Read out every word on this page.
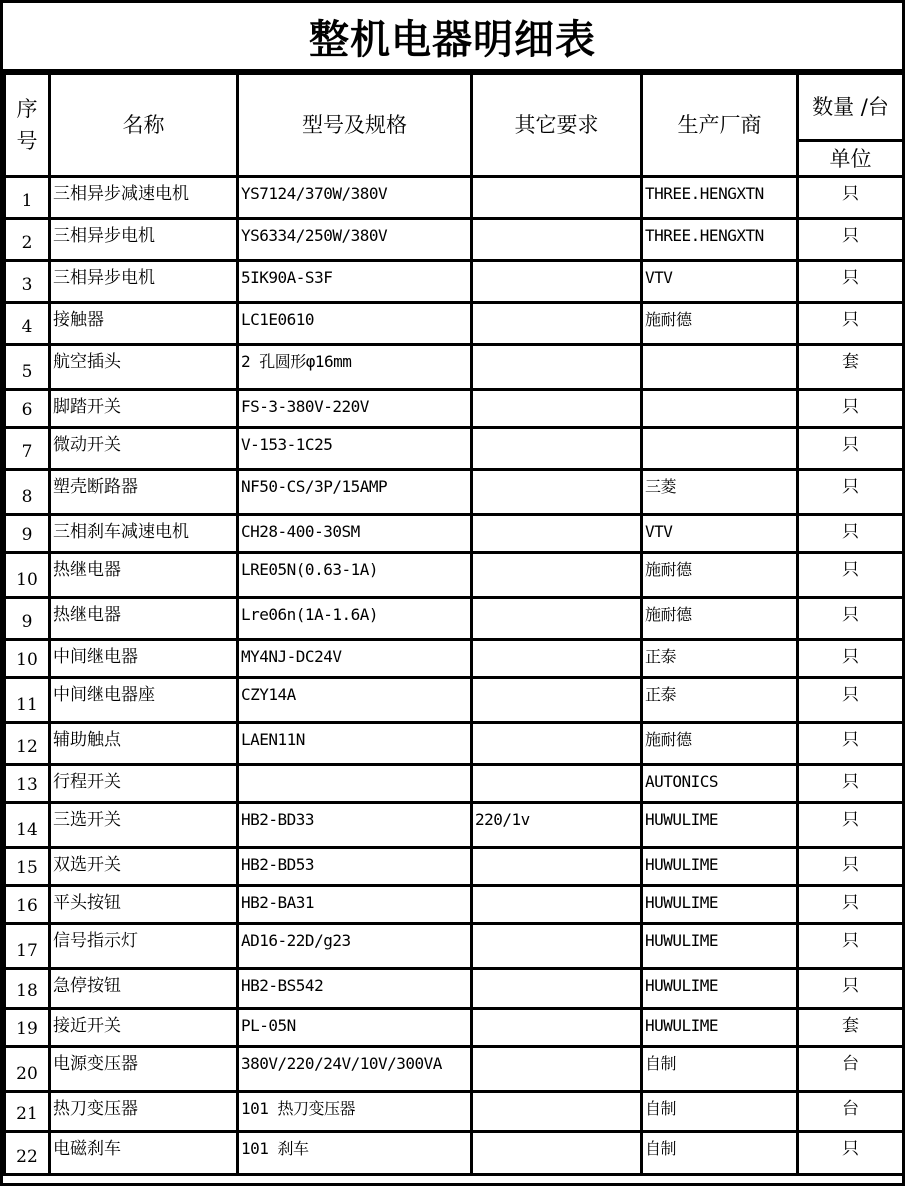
整机电器明细表
序
号	名称	型号及规格	其它要求	生产厂商	数量 /台
					单位
1	三相异步减速电机	YS7124/370W/380V		THREE.HENGXTN	只
2	三相异步电机	YS6334/250W/380V		THREE.HENGXTN	只
3	三相异步电机	5IK90A-S3F		VTV	只
4	接触器	LC1E0610		施耐德	只
5	航空插头	2 孔圆形φ16mm			套
6	脚踏开关	FS-3-380V-220V			只
7	微动开关	V-153-1C25			只
8	塑壳断路器	NF50-CS/3P/15AMP		三菱	只
9	三相刹车减速电机	CH28-400-30SM		VTV	只
10	热继电器	LRE05N(0.63-1A)		施耐德	只
9	热继电器	Lre06n(1A-1.6A)		施耐德	只
10	中间继电器	MY4NJ-DC24V		正泰	只
11	中间继电器座	CZY14A		正泰	只
12	辅助触点	LAEN11N		施耐德	只
13	行程开关			AUTONICS	只
14	三选开关	HB2-BD33	220/1v	HUWULIME	只
15	双选开关	HB2-BD53		HUWULIME	只
16	平头按钮	HB2-BA31		HUWULIME	只
17	信号指示灯	AD16-22D/g23		HUWULIME	只
18	急停按钮	HB2-BS542		HUWULIME	只
19	接近开关	PL-05N		HUWULIME	套
20	电源变压器	380V/220/24V/10V/300VA		自制	台
21	热刀变压器	101 热刀变压器		自制	台
22	电磁刹车	101 刹车		自制	只
